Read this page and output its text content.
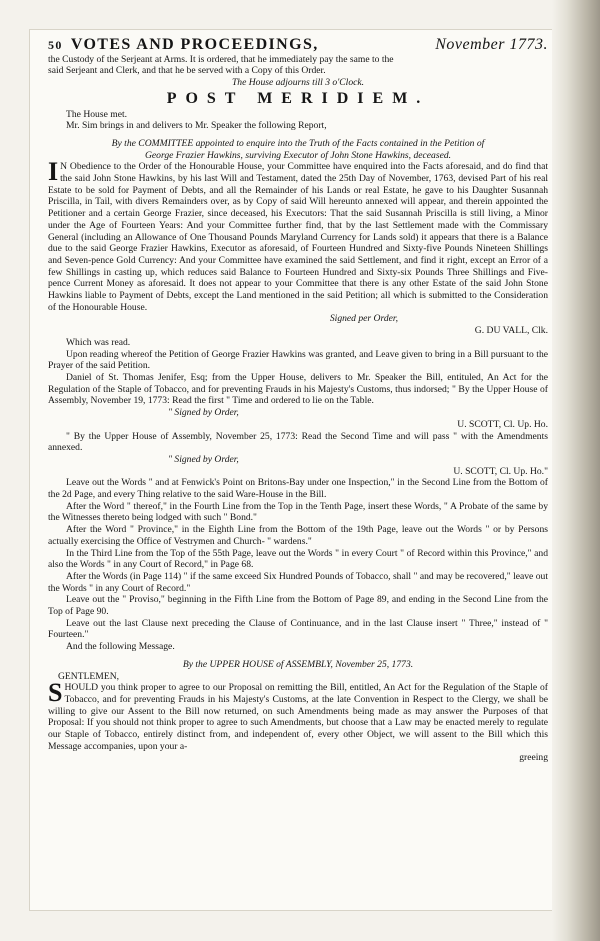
50 VOTES AND PROCEEDINGS,	November 1773.

the Custody of the Serjeant at Arms. It is ordered, that he immediately pay the same to the

said Serjeant and Clerk, and that he be served with a Copy of this Order.

The House adjourns till 3 o'Clock.

POST MERIDIEM.

The House met.

Mr. Sim brings in and delivers to Mr. Speaker the following Report,

By the COMMITTEE appointed to enquire into the Truth of the Facts contained in the Petition of

George Frazier Hawkins, surviving Executor of John Stone Hawkins, deceased.

I N Obedience to the Order of the Honourable House, your Committee have enquired into the Facts aforesaid, and do find that the said John Stone Hawkins, by his last Will and Testament, dated the 25th Day of November, 1763, devised Part of his real Estate to be sold for Payment of Debts, and all the Remainder of his Lands or real Estate, he gave to his Daughter Susannah Priscilla, in Tail, with divers Remainders over, as by Copy of said Will hereunto annexed will appear, and therein appointed the Petitioner and a certain George Frazier, since deceased, his Executors: That the said Susannah Priscilla is still living, a Minor under the Age of Fourteen Years: And your Committee further find, that by the last Settlement made with the Commissary General (including an Allowance of One Thousand Pounds Maryland Currency for Lands sold) it appears that there is a Balance due to the said George Frazier Hawkins, Executor as aforesaid, of Fourteen Hundred and Sixty-five Pounds Nineteen Shillings and Seven-pence Gold Currency: And your Committee have examined the said Settlement, and find it right, except an Error of a few Shillings in casting up, which reduces said Balance to Fourteen Hundred and Sixty-six Pounds Three Shillings and Five-pence Current Money as aforesaid. It does not appear to your Committee that there is any other Estate of the said John Stone Hawkins liable to Payment of Debts, except the Land mentioned in the said Petition; all which is submitted to the Consideration of the Honourable House.

Signed per Order,

G. DU VALL, Clk.

Which was read.

Upon reading whereof the Petition of George Frazier Hawkins was granted, and Leave given to bring in a Bill pursuant to the Prayer of the said Petition.

Daniel of St. Thomas Jenifer, Esq; from the Upper House, delivers to Mr. Speaker the Bill, entituled, An Act for the Regulation of the Staple of Tobacco, and for preventing Frauds in his Majesty's Customs, thus indorsed; " By the Upper House of Assembly, November 19, 1773: Read the first " Time and ordered to lie on the Table.

" Signed by Order,

U. SCOTT, Cl. Up. Ho.

" By the Upper House of Assembly, November 25, 1773: Read the Second Time and will pass " with the Amendments annexed.

" Signed by Order,

U. SCOTT, Cl. Up. Ho."

Leave out the Words " and at Fenwick's Point on Britons-Bay under one Inspection," in the Second Line from the Bottom of the 2d Page, and every Thing relative to the said Ware-House in the Bill.

After the Word " thereof," in the Fourth Line from the Top in the Tenth Page, insert these Words, " A Probate of the same by the Witnesses thereto being lodged with such " Bond."

After the Word " Province," in the Eighth Line from the Bottom of the 19th Page, leave out the Words " or by Persons actually exercising the Office of Vestrymen and Church- " wardens."

In the Third Line from the Top of the 55th Page, leave out the Words " in every Court " of Record within this Province," and also the Words " in any Court of Record," in Page 68.

After the Words (in Page 114) " if the same exceed Six Hundred Pounds of Tobacco, shall " and may be recovered," leave out the Words " in any Court of Record."

Leave out the " Proviso," beginning in the Fifth Line from the Bottom of Page 89, and ending in the Second Line from the Top of Page 90.

Leave out the last Clause next preceding the Clause of Continuance, and in the last Clause insert " Three," instead of " Fourteen."

And the following Message.

By the UPPER HOUSE of ASSEMBLY, November 25, 1773.

GENTLEMEN,

SHOULD you think proper to agree to our Proposal on remitting the Bill, entitled, An Act for the Regulation of the Staple of Tobacco, and for preventing Frauds in his Majesty's Customs, at the late Convention in Respect to the Clergy, we shall be willing to give our Assent to the Bill now returned, on such Amendments being made as may answer the Purposes of that Proposal: If you should not think proper to agree to such Amendments, but choose that a Law may be enacted merely to regulate our Staple of Tobacco, entirely distinct from, and independent of, every other Object, we will assent to the Bill which this Message accompanies, upon your a-

greeing
